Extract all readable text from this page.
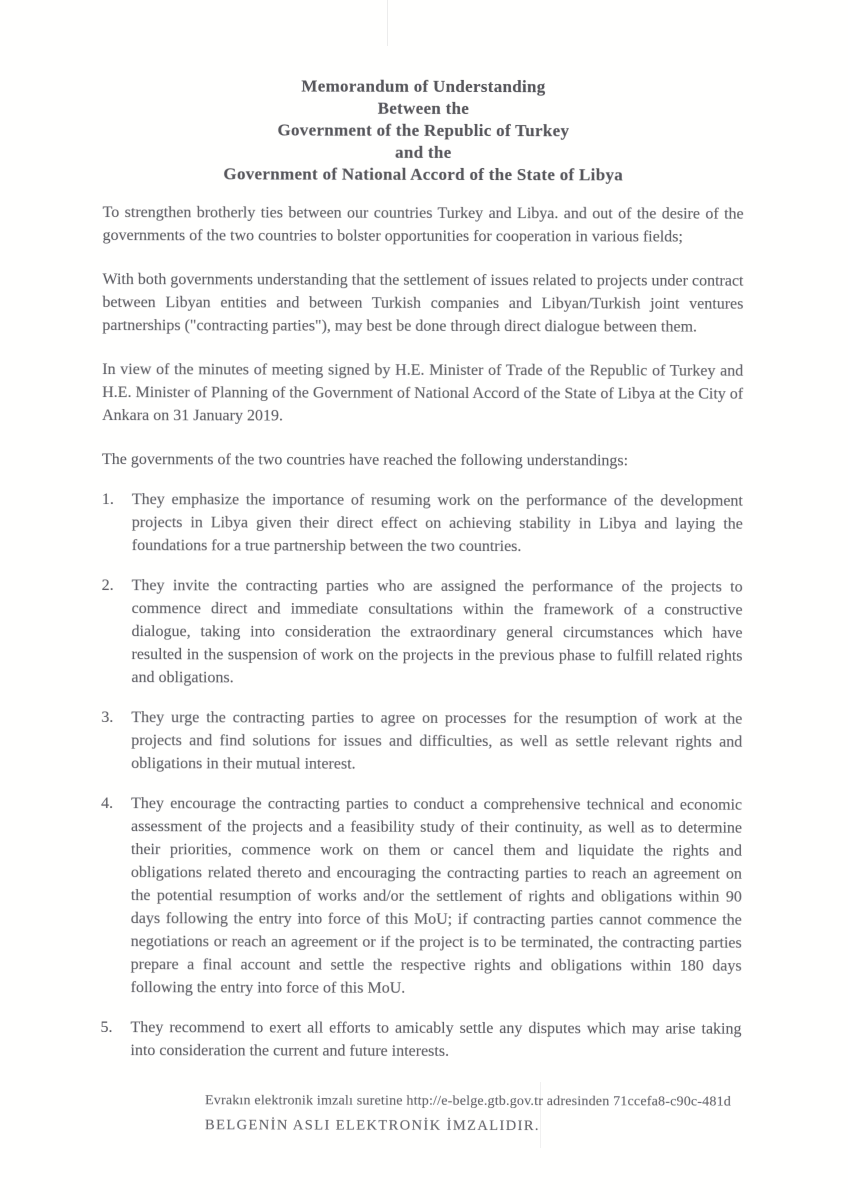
Memorandum of Understanding
Between the
Government of the Republic of Turkey
and the
Government of National Accord of the State of Libya

To strengthen brotherly ties between our countries Turkey and Libya. and out of the desire of the governments of the two countries to bolster opportunities for cooperation in various fields;

With both governments understanding that the settlement of issues related to projects under contract between Libyan entities and between Turkish companies and Libyan/Turkish joint ventures partnerships ("contracting parties"), may best be done through direct dialogue between them.

In view of the minutes of meeting signed by H.E. Minister of Trade of the Republic of Turkey and H.E. Minister of Planning of the Government of National Accord of the State of Libya at the City of Ankara on 31 January 2019.

The governments of the two countries have reached the following understandings:

1.	They emphasize the importance of resuming work on the performance of the development projects in Libya given their direct effect on achieving stability in Libya and laying the foundations for a true partnership between the two countries.
2.	They invite the contracting parties who are assigned the performance of the projects to commence direct and immediate consultations within the framework of a constructive dialogue, taking into consideration the extraordinary general circumstances which have resulted in the suspension of work on the projects in the previous phase to fulfill related rights and obligations.
3.	They urge the contracting parties to agree on processes for the resumption of work at the projects and find solutions for issues and difficulties, as well as settle relevant rights and obligations in their mutual interest.
4.	They encourage the contracting parties to conduct a comprehensive technical and economic assessment of the projects and a feasibility study of their continuity, as well as to determine their priorities, commence work on them or cancel them and liquidate the rights and obligations related thereto and encouraging the contracting parties to reach an agreement on the potential resumption of works and/or the settlement of rights and obligations within 90 days following the entry into force of this MoU; if contracting parties cannot commence the negotiations or reach an agreement or if the project is to be terminated, the contracting parties prepare a final account and settle the respective rights and obligations within 180 days following the entry into force of this MoU.
5.	They recommend to exert all efforts to amicably settle any disputes which may arise taking into consideration the current and future interests.
Evrakın elektronik imzalı suretine http://e-belge.gtb.gov.tr adresinden 71ccefa8-c90c-481d
BELGENİN ASLI ELEKTRONİK İMZALIDIR.
